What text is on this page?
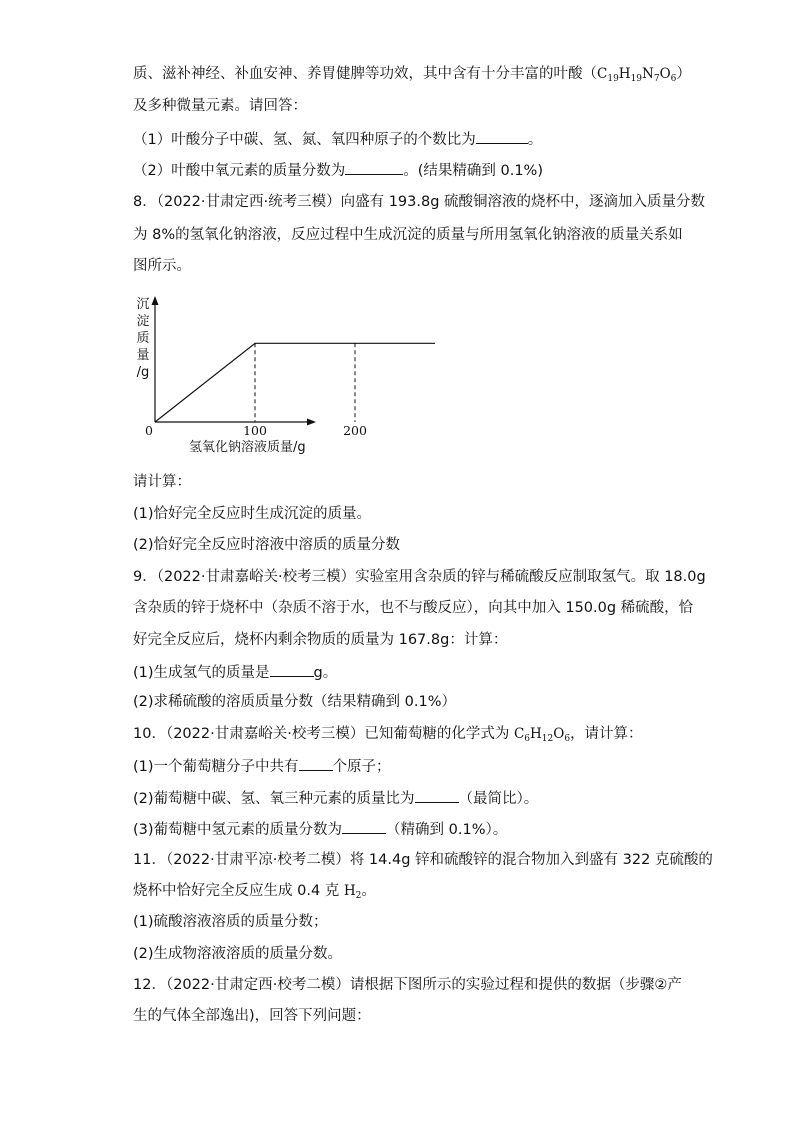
质、滋补神经、补血安神、养胃健脾等功效，其中含有十分丰富的叶酸$(C_{19}H_{19}N_7O_6)$
及多种微量元素。请回答：
（1）叶酸分子中碳、氢、氮、氧四种原子的个数比为	。
（2）叶酸中氧元素的质量分数为	。(结果精确到 0.1%)
8．（2022·甘肃定西·统考三模）向盛有 193.8g 硫酸铜溶液的烧杯中，逐滴加入质量分数
为 8%的氢氧化钠溶液，反应过程中生成沉淀的质量与所用氢氧化钠溶液的质量关系如
图所示。
沉
淀
质
量
/g
100	200
0
氢氧化钠溶液质量/g
请计算：
(1)恰好完全反应时生成沉淀的质量。
(2)恰好完全反应时溶液中溶质的质量分数
9．（2022·甘肃嘉峪关·校考三模）实验室用含杂质的锌与稀硫酸反应制取氢气。取 18.0g
含杂质的锌于烧杯中（杂质不溶于水，也不与酸反应），向其中加入 150.0g 稀硫酸，恰
好完全反应后，烧杯内剩余物质的质量为 167.8g：计算：
(1)生成氢气的质量是	g。
(2)求稀硫酸的溶质质量分数（结果精确到 0.1%）
10．（2022·甘肃嘉峪关·校考三模）已知葡萄糖的化学式为 $C_6H_{12}O_6$，请计算：
(1)一个葡萄糖分子中共有 个原子；
(2)葡萄糖中碳、氢、氧三种元素的质量比为	（最简比）。
(3)葡萄糖中氢元素的质量分数为	（精确到 0.1%）。
11．（2022·甘肃平凉·校考二模）将 14.4g 锌和硫酸锌的混合物加入到盛有 322 克硫酸的
烧杯中恰好完全反应生成 0.4 克 $H_2$。
(1)硫酸溶液溶质的质量分数；
(2)生成物溶液溶质的质量分数。
12．（2022·甘肃定西·校考二模）请根据下图所示的实验过程和提供的数据（步骤②产
生的气体全部逸出)，回答下列问题：
